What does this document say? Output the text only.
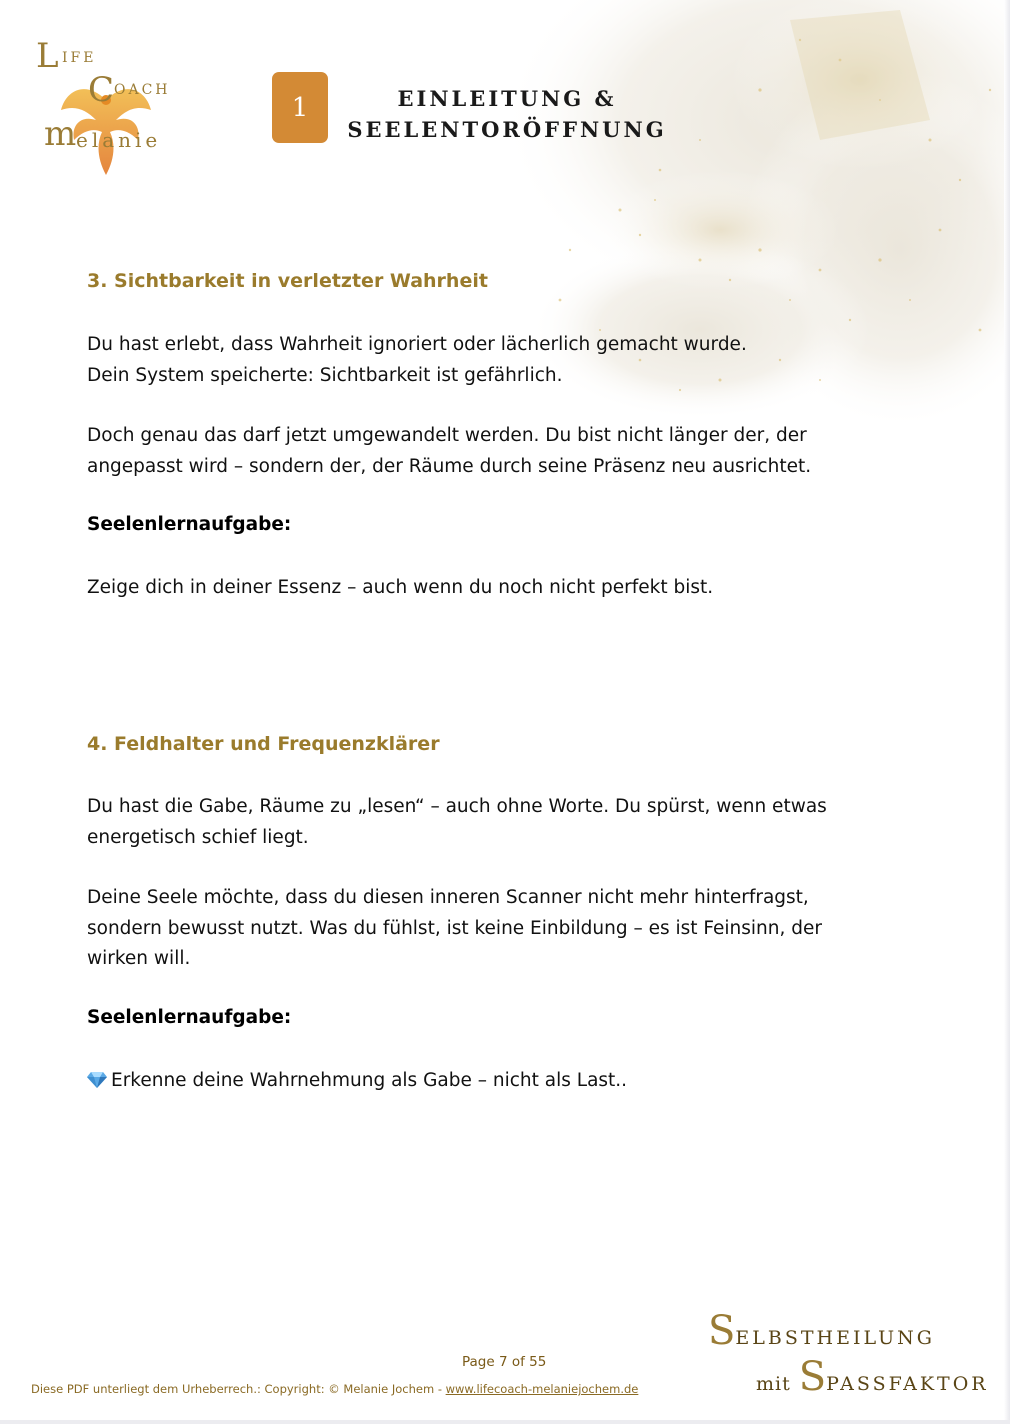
L IFE
C OACH
m elanie
1	EINLEITUNG &
SEELENTORÖFFNUNG
3. Sichtbarkeit in verletzter Wahrheit
Du hast erlebt, dass Wahrheit ignoriert oder lächerlich gemacht wurde.
Dein System speicherte: Sichtbarkeit ist gefährlich.
Doch genau das darf jetzt umgewandelt werden. Du bist nicht länger der, der angepasst wird – sondern der, der Räume durch seine Präsenz neu ausrichtet.
Seelenlernaufgabe:
Zeige dich in deiner Essenz – auch wenn du noch nicht perfekt bist.
4. Feldhalter und Frequenzklärer
Du hast die Gabe, Räume zu „lesen“ – auch ohne Worte. Du spürst, wenn etwas energetisch schief liegt.
Deine Seele möchte, dass du diesen inneren Scanner nicht mehr hinterfragst, sondern bewusst nutzt. Was du fühlst, ist keine Einbildung – es ist Feinsinn, der wirken will.
Seelenlernaufgabe:
Erkenne deine Wahrnehmung als Gabe – nicht als Last..
Page 7 of 55
Diese PDF unterliegt dem Urheberrech.: Copyright: © Melanie Jochem - www.lifecoach-melaniejochem.de
SELBSTHEILUNG
mit SPASSFAKTOR
